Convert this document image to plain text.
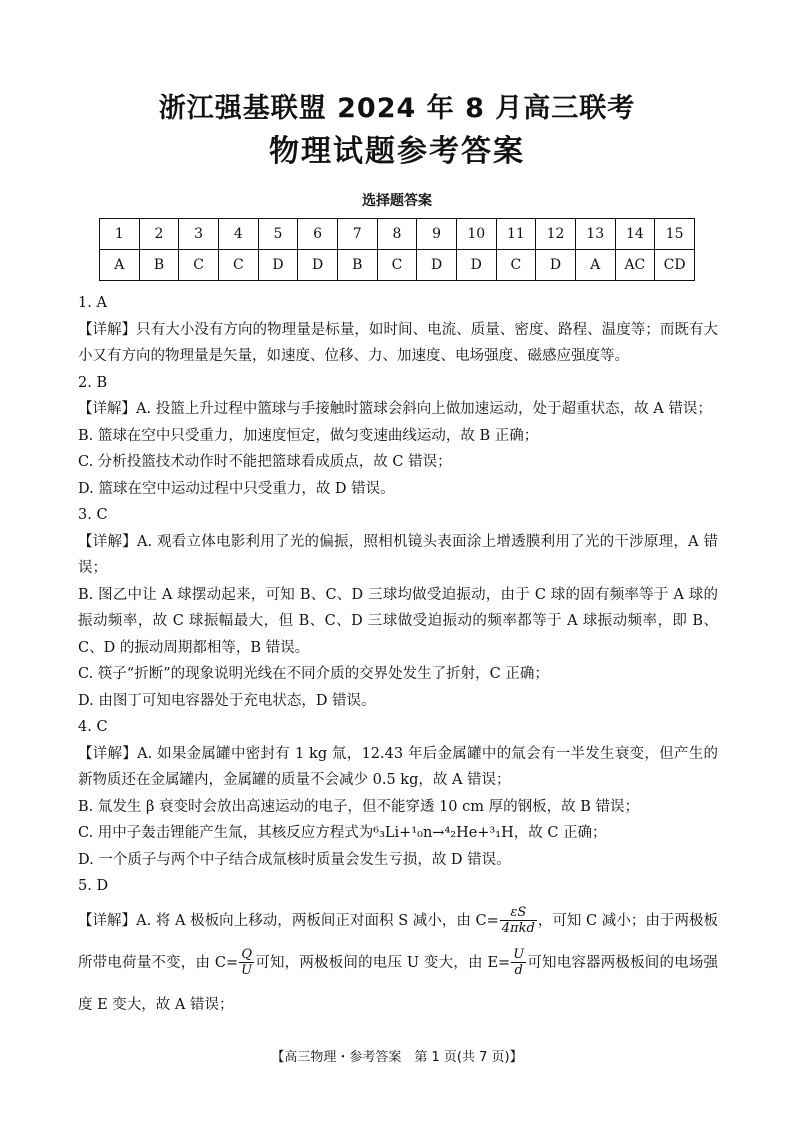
浙江强基联盟 2024 年 8 月高三联考
物理试题参考答案
选择题答案
1	2	3	4	5	6	7	8	9	10	11	12	13	14	15
A	B	C	C	D	D	B	C	D	D	C	D	A	AC	CD

1. A

【详解】只有大小没有方向的物理量是标量，如时间、电流、质量、密度、路程、温度等；而既有大小又有方向的物理量是矢量，如速度、位移、力、加速度、电场强度、磁感应强度等。

2. B

【详解】A. 投篮上升过程中篮球与手接触时篮球会斜向上做加速运动，处于超重状态，故 A 错误；

B. 篮球在空中只受重力，加速度恒定，做匀变速曲线运动，故 B 正确；

C. 分析投篮技术动作时不能把篮球看成质点，故 C 错误；

D. 篮球在空中运动过程中只受重力，故 D 错误。

3. C

【详解】A. 观看立体电影利用了光的偏振，照相机镜头表面涂上增透膜利用了光的干涉原理，A 错误；

B. 图乙中让 A 球摆动起来，可知 B、C、D 三球均做受迫振动，由于 C 球的固有频率等于 A 球的振动频率，故 C 球振幅最大，但 B、C、D 三球做受迫振动的频率都等于 A 球振动频率，即 B、C、D 的振动周期都相等，B 错误。

C. 筷子“折断”的现象说明光线在不同介质的交界处发生了折射，C 正确；

D. 由图丁可知电容器处于充电状态，D 错误。

4. C

【详解】A. 如果金属罐中密封有 1 kg 氚，12.43 年后金属罐中的氚会有一半发生衰变，但产生的新物质还在金属罐内，金属罐的质量不会减少 0.5 kg，故 A 错误；

B. 氚发生 β 衰变时会放出高速运动的电子，但不能穿透 10 cm 厚的钢板，故 B 错误；

C. 用中子轰击锂能产生氚，其核反应方程式为⁶₃Li+¹₀n→⁴₂He+³₁H，故 C 正确；

D. 一个质子与两个中子结合成氚核时质量会发生亏损，故 D 错误。

5. D

【详解】A. 将 A 极板向上移动，两板间正对面积 S 减小，由 $C= \frac{\varepsilon S}{\text{4πkd}}$ ，可知 C 减小；由于两极板所带电荷量不变，由 $C= \frac{Q}{U}$ 可知，两极板间的电压 U 变大，由 $E= \frac{U}{d}$ 可知电容器两极板间的电场强度 E 变大，故 A 错误；

【高三物理・参考答案　第 1 页(共 7 页)】
